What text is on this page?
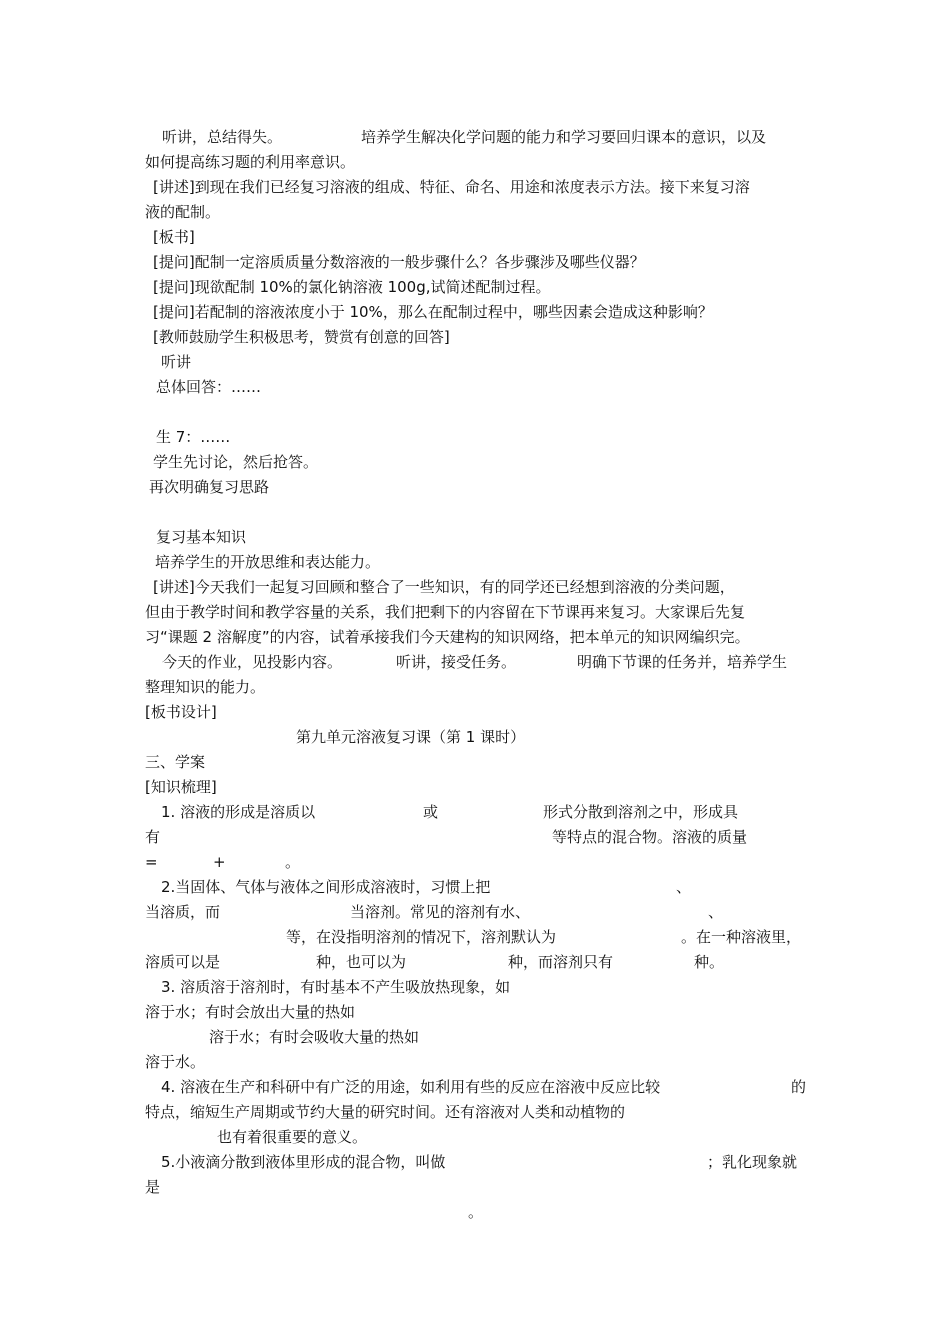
听讲，总结得失。	培养学生解决化学问题的能力和学习要回归课本的意识，以及
如何提高练习题的利用率意识。
[讲述]到现在我们已经复习溶液的组成、特征、命名、用途和浓度表示方法。接下来复习溶
液的配制。
[板书]
[提问]配制一定溶质质量分数溶液的一般步骤什么？各步骤涉及哪些仪器？
[提问]现欲配制 10%的氯化钠溶液 100g,试简述配制过程。
[提问]若配制的溶液浓度小于 10%，那么在配制过程中，哪些因素会造成这种影响？
[教师鼓励学生积极思考，赞赏有创意的回答]
听讲
总体回答：……
生 7：……
学生先讨论，然后抢答。
再次明确复习思路
复习基本知识
培养学生的开放思维和表达能力。
[讲述]今天我们一起复习回顾和整合了一些知识，有的同学还已经想到溶液的分类问题，
但由于教学时间和教学容量的关系，我们把剩下的内容留在下节课再来复习。大家课后先复
习“课题 2 溶解度”的内容，试着承接我们今天建构的知识网络，把本单元的知识网编织完。
今天的作业，见投影内容。	听讲，接受任务。	明确下节课的任务并，培养学生
整理知识的能力。
[板书设计]
第九单元溶液复习课（第 1 课时）
三、学案
[知识梳理]
1. 溶液的形成是溶质以	或	形式分散到溶剂之中，形成具
有	等特点的混合物。溶液的质量
=	+	。
2.当固体、气体与液体之间形成溶液时，习惯上把	、
当溶质，而	当溶剂。常见的溶剂有水、	、
等，在没指明溶剂的情况下，溶剂默认为	。在一种溶液里，
溶质可以是	种，也可以为	种，而溶剂只有	种。
3. 溶质溶于溶剂时，有时基本不产生吸放热现象，如
溶于水；有时会放出大量的热如
溶于水；有时会吸收大量的热如
溶于水。
4. 溶液在生产和科研中有广泛的用途，如利用有些的反应在溶液中反应比较	的
特点，缩短生产周期或节约大量的研究时间。还有溶液对人类和动植物的
也有着很重要的意义。
5.小液滴分散到液体里形成的混合物，叫做	；乳化现象就
是
。
